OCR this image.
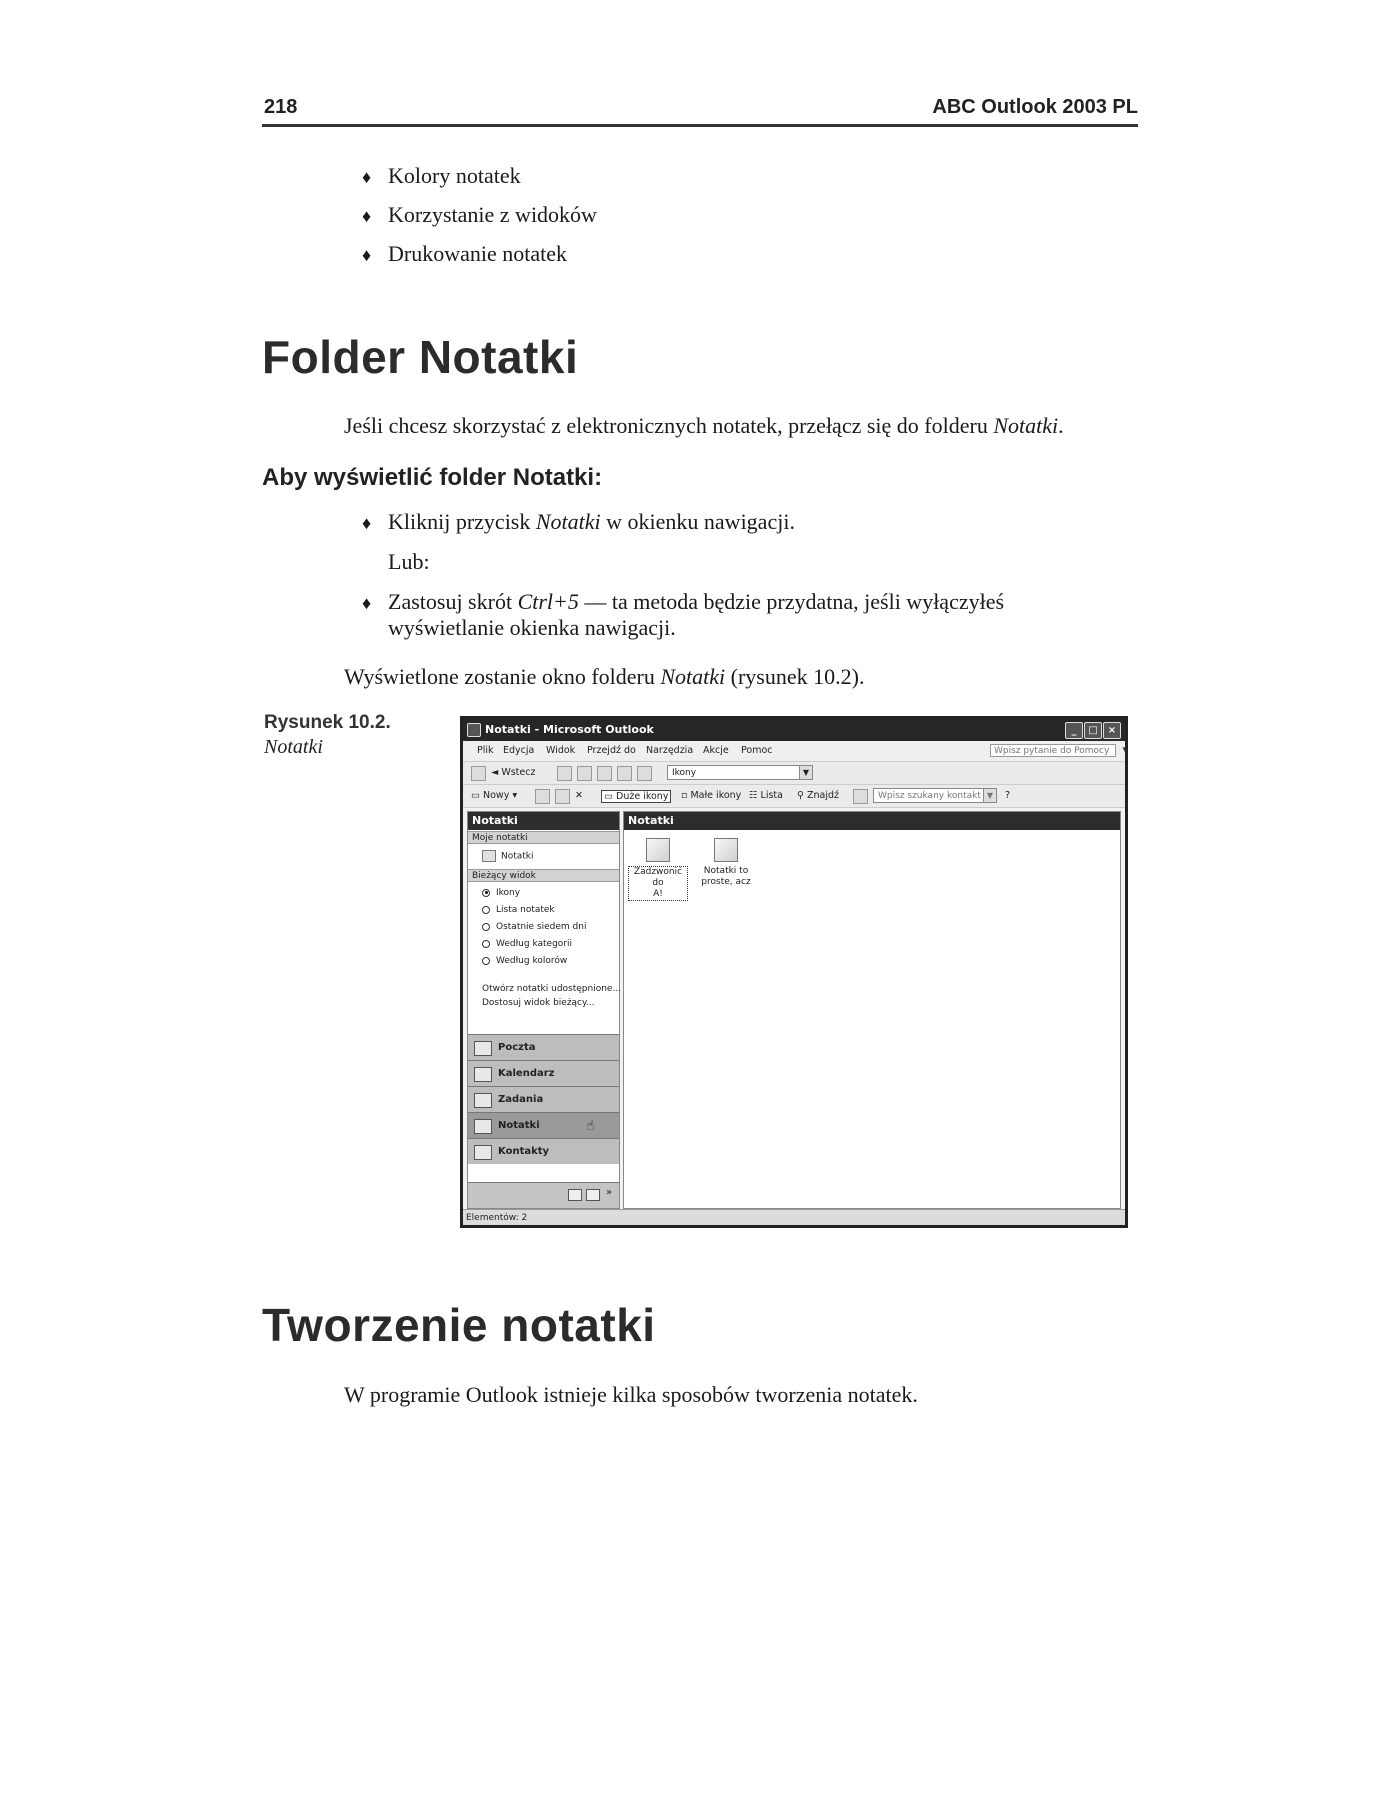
218	ABC Outlook 2003 PL
♦ Kolory notatek
♦ Korzystanie z widoków
♦ Drukowanie notatek
Folder Notatki
Jeśli chcesz skorzystać z elektronicznych notatek, przełącz się do folderu Notatki.
Aby wyświetlić folder Notatki:
♦ Kliknij przycisk Notatki w okienku nawigacji.
Lub:
♦ Zastosuj skrót Ctrl+5 — ta metoda będzie przydatna, jeśli wyłączyłeś
wyświetlanie okienka nawigacji.
Wyświetlone zostanie okno folderu Notatki (rysunek 10.2).
Rysunek 10.2.
Notatki
Notatki - Microsoft Outlook	_	□	×
Plik Edycja Widok Przejdź do Narzędzia Akcje Pomoc	Wpisz pytanie do Pomocy ▾
◄ Wstecz	Ikony	▼
▭ Nowy ▾	✕	▭ Duże ikony	▫ Małe ikony ☷ Lista ⚲ Znajdź	Wpisz szukany kontakt ▼	?
Notatki
Moje notatki
Notatki
Bieżący widok
Ikony
Lista notatek
Ostatnie siedem dni
Według kategorii
Według kolorów
Otwórz notatki udostępnione...
Dostosuj widok bieżący...
Poczta
Kalendarz
Zadania
Notatki	☝
Kontakty
»
Notatki
Zadzwonić do
A!
Notatki to
proste, acz
Elementów: 2
Tworzenie notatki
W programie Outlook istnieje kilka sposobów tworzenia notatek.
